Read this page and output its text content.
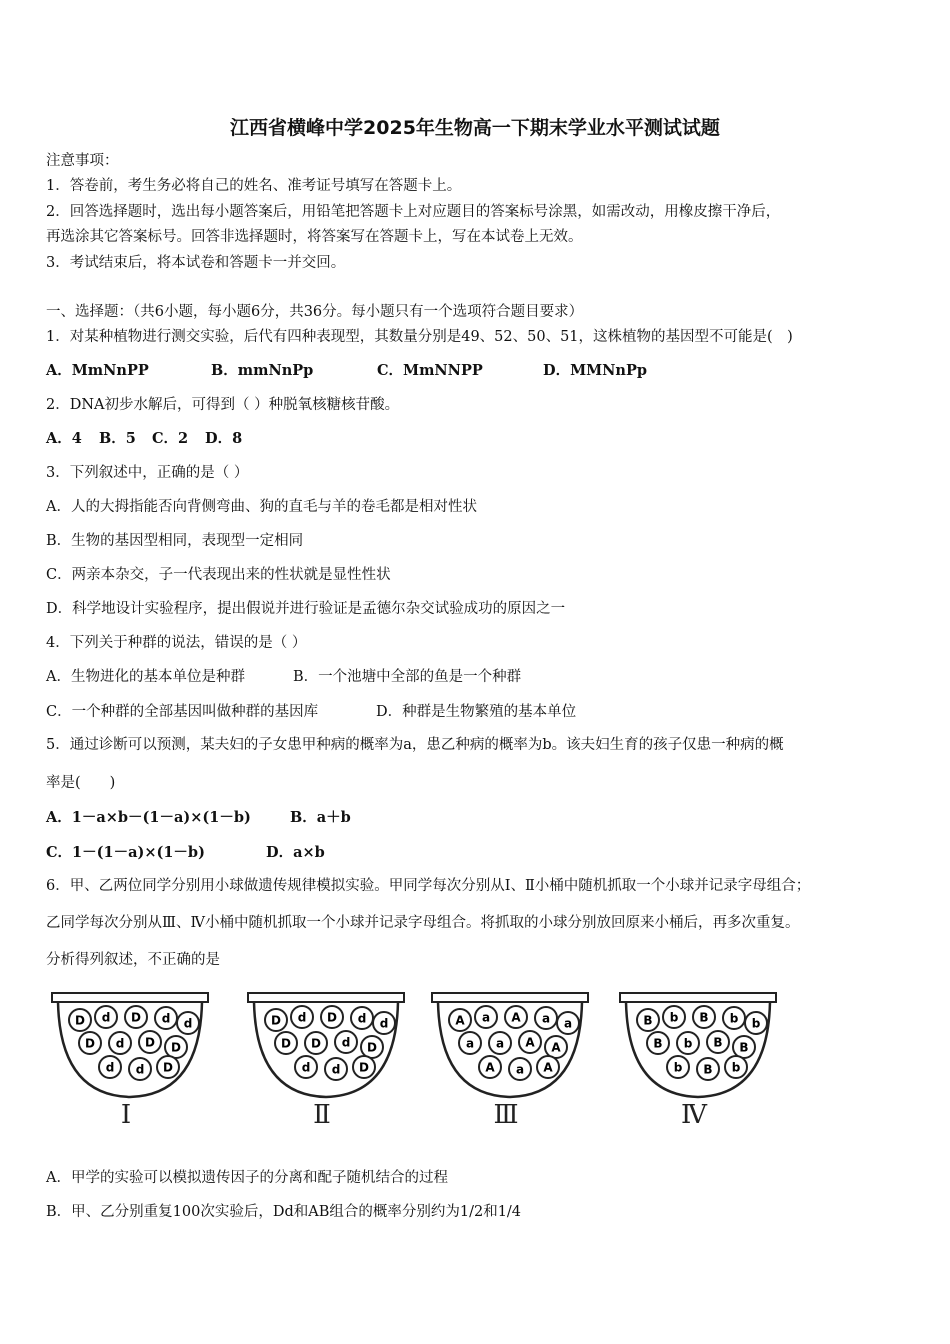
江西省横峰中学2025年生物高一下期末学业水平测试试题
注意事项：
1．答卷前，考生务必将自己的姓名、准考证号填写在答题卡上。
2．回答选择题时，选出每小题答案后，用铅笔把答题卡上对应题目的答案标号涂黑，如需改动，用橡皮擦干净后，
再选涂其它答案标号。回答非选择题时，将答案写在答题卡上，写在本试卷上无效。
3．考试结束后，将本试卷和答题卡一并交回。
一、选择题：（共6小题，每小题6分，共36分。每小题只有一个选项符合题目要求）
1．对某种植物进行测交实验，后代有四种表现型，其数量分别是49、52、50、51，这株植物的基因型不可能是(　)
A．MmNnPP	B．mmNnPp	C．MmNNPP	D．MMNnPp
2．DNA初步水解后，可得到（ ）种脱氧核糖核苷酸。
A．4 B．5 C．2 D．8
3．下列叙述中，正确的是（ ）
A．人的大拇指能否向背侧弯曲、狗的直毛与羊的卷毛都是相对性状
B．生物的基因型相同，表现型一定相同
C．两亲本杂交，子一代表现出来的性状就是显性性状
D．科学地设计实验程序，提出假说并进行验证是孟德尔杂交试验成功的原因之一
4．下列关于种群的说法，错误的是（ ）
A．生物进化的基本单位是种群	B．一个池塘中全部的鱼是一个种群
C．一个种群的全部基因叫做种群的基因库	D．种群是生物繁殖的基本单位
5．通过诊断可以预测，某夫妇的子女患甲种病的概率为a，患乙种病的概率为b。该夫妇生育的孩子仅患一种病的概
率是(　　)
A．1－a×b－(1－a)×(1－b)	B．a＋b
C．1－(1－a)×(1－b)	D．a×b
6．甲、乙两位同学分别用小球做遗传规律模拟实验。甲同学每次分别从Ⅰ、Ⅱ小桶中随机抓取一个小球并记录字母组合；
乙同学每次分别从Ⅲ、Ⅳ小桶中随机抓取一个小球并记录字母组合。将抓取的小球分别放回原来小桶后，再多次重复。
分析得列叙述，不正确的是
D d D d d
D d D D
d d D
Ⅰ
D d D d d
D D d D
d d D
Ⅱ
A a A a a
a a A A
A a A
Ⅲ
B b B b b
B b B B
b B b
Ⅳ
A．甲学的实验可以模拟遗传因子的分离和配子随机结合的过程
B．甲、乙分别重复100次实验后，Dd和AB组合的概率分别约为1/2和1/4
